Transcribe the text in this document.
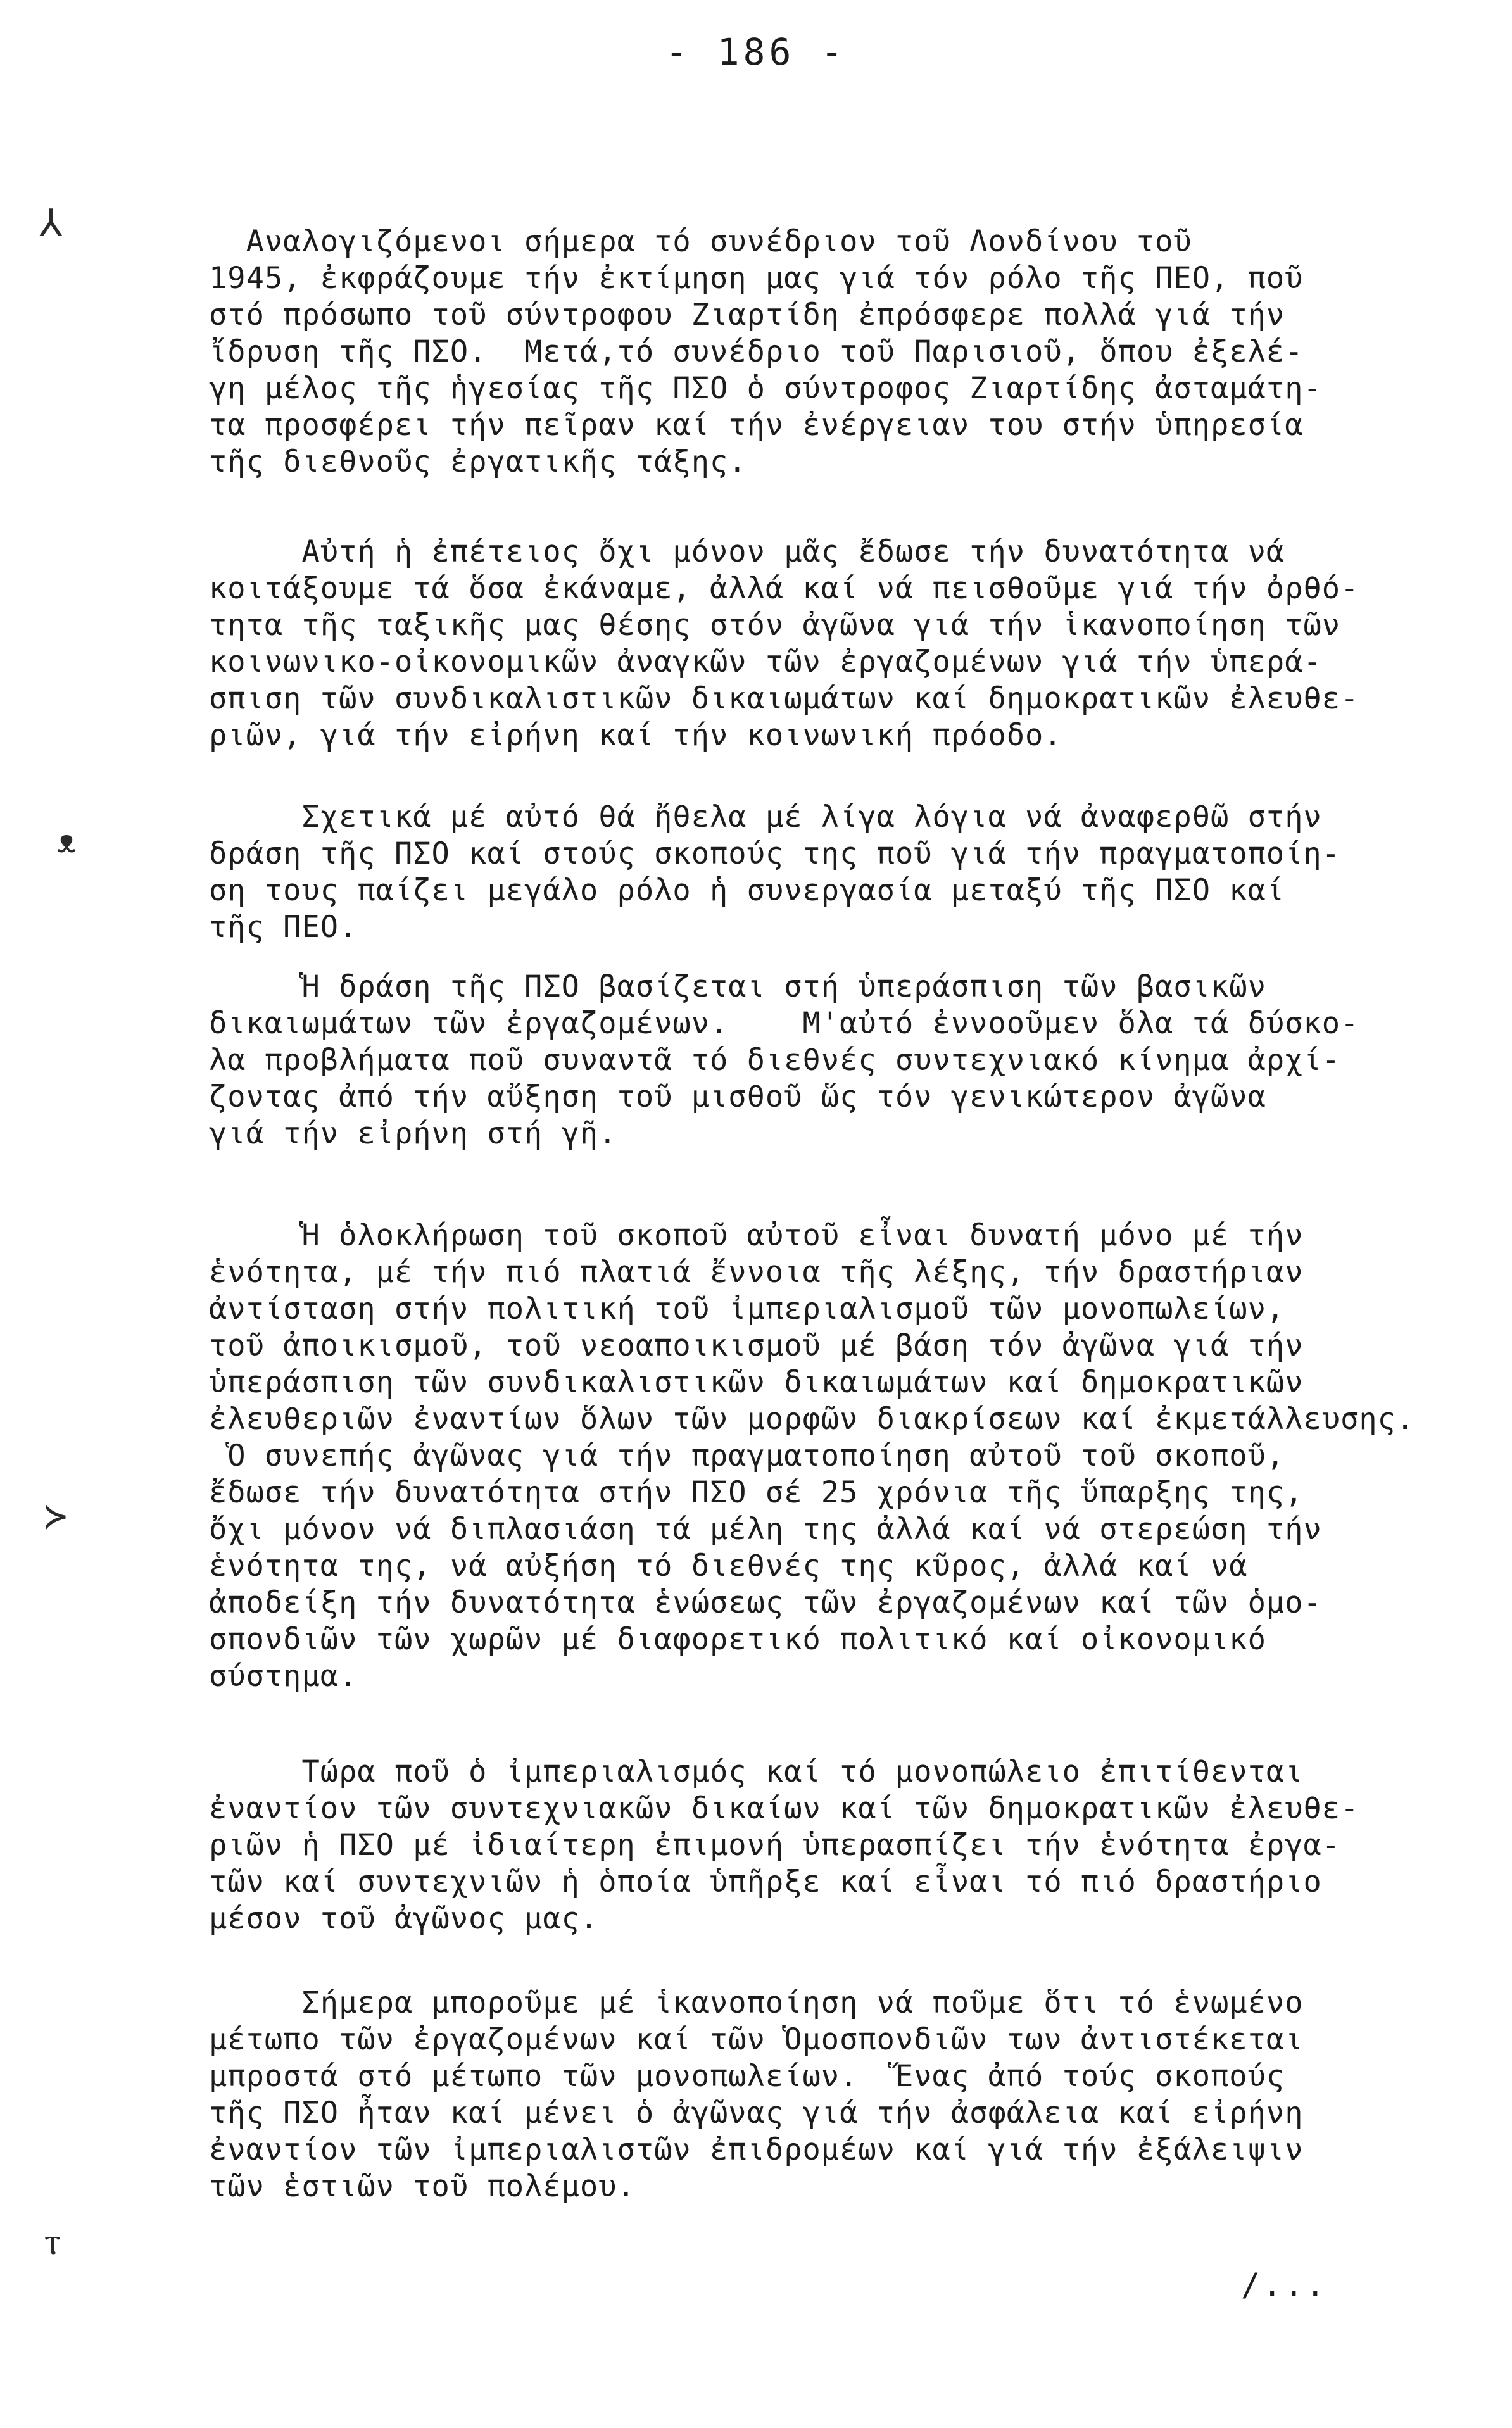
- 186 -
⅄
ᴥ
≻
ⲧ
Αναλογιζόμενοι σήμερα τό συνέδριον τοῦ Λονδίνου τοῦ
1945, ἐκφράζουμε τήν ἐκτίμηση μας γιά τόν ρόλο τῆς ΠΕΟ, ποῦ
στό πρόσωπο τοῦ σύντροφου Ζιαρτίδη ἐπρόσφερε πολλά γιά τήν
ἴδρυση τῆς ΠΣΟ.  Μετά,τό συνέδριο τοῦ Παρισιοῦ, ὅπου ἐξελέ-
γη μέλος τῆς ἡγεσίας τῆς ΠΣΟ ὁ σύντροφος Ζιαρτίδης ἀσταμάτη-
τα προσφέρει τήν πεῖραν καί τήν ἐνέργειαν του στήν ὑπηρεσία
τῆς διεθνοῦς ἐργατικῆς τάξης.
Αὐτή ἡ ἐπέτειος ὄχι μόνον μᾶς ἔδωσε τήν δυνατότητα νά
κοιτάξουμε τά ὅσα ἐκάναμε, ἀλλά καί νά πεισθοῦμε γιά τήν ὀρθό-
τητα τῆς ταξικῆς μας θέσης στόν ἀγῶνα γιά τήν ἱκανοποίηση τῶν
κοινωνικο-οἰκονομικῶν ἀναγκῶν τῶν ἐργαζομένων γιά τήν ὑπερά-
σπιση τῶν συνδικαλιστικῶν δικαιωμάτων καί δημοκρατικῶν ἐλευθε-
ριῶν, γιά τήν εἰρήνη καί τήν κοινωνική πρόοδο.
Σχετικά μέ αὐτό θά ἤθελα μέ λίγα λόγια νά ἀναφερθῶ στήν
δράση τῆς ΠΣΟ καί στούς σκοπούς της ποῦ γιά τήν πραγματοποίη-
ση τους παίζει μεγάλο ρόλο ἡ συνεργασία μεταξύ τῆς ΠΣΟ καί
τῆς ΠΕΟ.
Ἡ δράση τῆς ΠΣΟ βασίζεται στή ὑπεράσπιση τῶν βασικῶν
δικαιωμάτων τῶν ἐργαζομένων.    Μ'αὐτό ἐννοοῦμεν ὅλα τά δύσκο-
λα προβλήματα ποῦ συναντᾶ τό διεθνές συντεχνιακό κίνημα ἀρχί-
ζοντας ἀπό τήν αὔξηση τοῦ μισθοῦ ὥς τόν γενικώτερον ἀγῶνα
γιά τήν εἰρήνη στή γῆ.
Ἡ ὁλοκλήρωση τοῦ σκοποῦ αὐτοῦ εἶναι δυνατή μόνο μέ τήν
ἑνότητα, μέ τήν πιό πλατιά ἔννοια τῆς λέξης, τήν δραστήριαν
ἀντίσταση στήν πολιτική τοῦ ἰμπεριαλισμοῦ τῶν μονοπωλείων,
τοῦ ἀποικισμοῦ, τοῦ νεοαποικισμοῦ μέ βάση τόν ἀγῶνα γιά τήν
ὑπεράσπιση τῶν συνδικαλιστικῶν δικαιωμάτων καί δημοκρατικῶν
ἐλευθεριῶν ἐναντίων ὅλων τῶν μορφῶν διακρίσεων καί ἐκμετάλλευσης.
Ὁ συνεπής ἀγῶνας γιά τήν πραγματοποίηση αὐτοῦ τοῦ σκοποῦ,
ἔδωσε τήν δυνατότητα στήν ΠΣΟ σέ 25 χρόνια τῆς ὕπαρξης της,
ὄχι μόνον νά διπλασιάση τά μέλη της ἀλλά καί νά στερεώση τήν
ἑνότητα της, νά αὐξήση τό διεθνές της κῦρος, ἀλλά καί νά
ἀποδείξη τήν δυνατότητα ἑνώσεως τῶν ἐργαζομένων καί τῶν ὁμο-
σπονδιῶν τῶν χωρῶν μέ διαφορετικό πολιτικό καί οἰκονομικό
σύστημα.
Τώρα ποῦ ὁ ἰμπεριαλισμός καί τό μονοπώλειο ἐπιτίθενται
ἐναντίον τῶν συντεχνιακῶν δικαίων καί τῶν δημοκρατικῶν ἐλευθε-
ριῶν ἡ ΠΣΟ μέ ἰδιαίτερη ἐπιμονή ὑπερασπίζει τήν ἑνότητα ἐργα-
τῶν καί συντεχνιῶν ἡ ὁποία ὑπῆρξε καί εἶναι τό πιό δραστήριο
μέσον τοῦ ἀγῶνος μας.
Σήμερα μποροῦμε μέ ἱκανοποίηση νά ποῦμε ὅτι τό ἑνωμένο
μέτωπο τῶν ἐργαζομένων καί τῶν Ὁμοσπονδιῶν των ἀντιστέκεται
μπροστά στό μέτωπο τῶν μονοπωλείων.  Ἕνας ἀπό τούς σκοπούς
τῆς ΠΣΟ ἦταν καί μένει ὁ ἀγῶνας γιά τήν ἀσφάλεια καί εἰρήνη
ἐναντίον τῶν ἰμπεριαλιστῶν ἐπιδρομέων καί γιά τήν ἐξάλειψιν
τῶν ἑστιῶν τοῦ πολέμου.
/...
